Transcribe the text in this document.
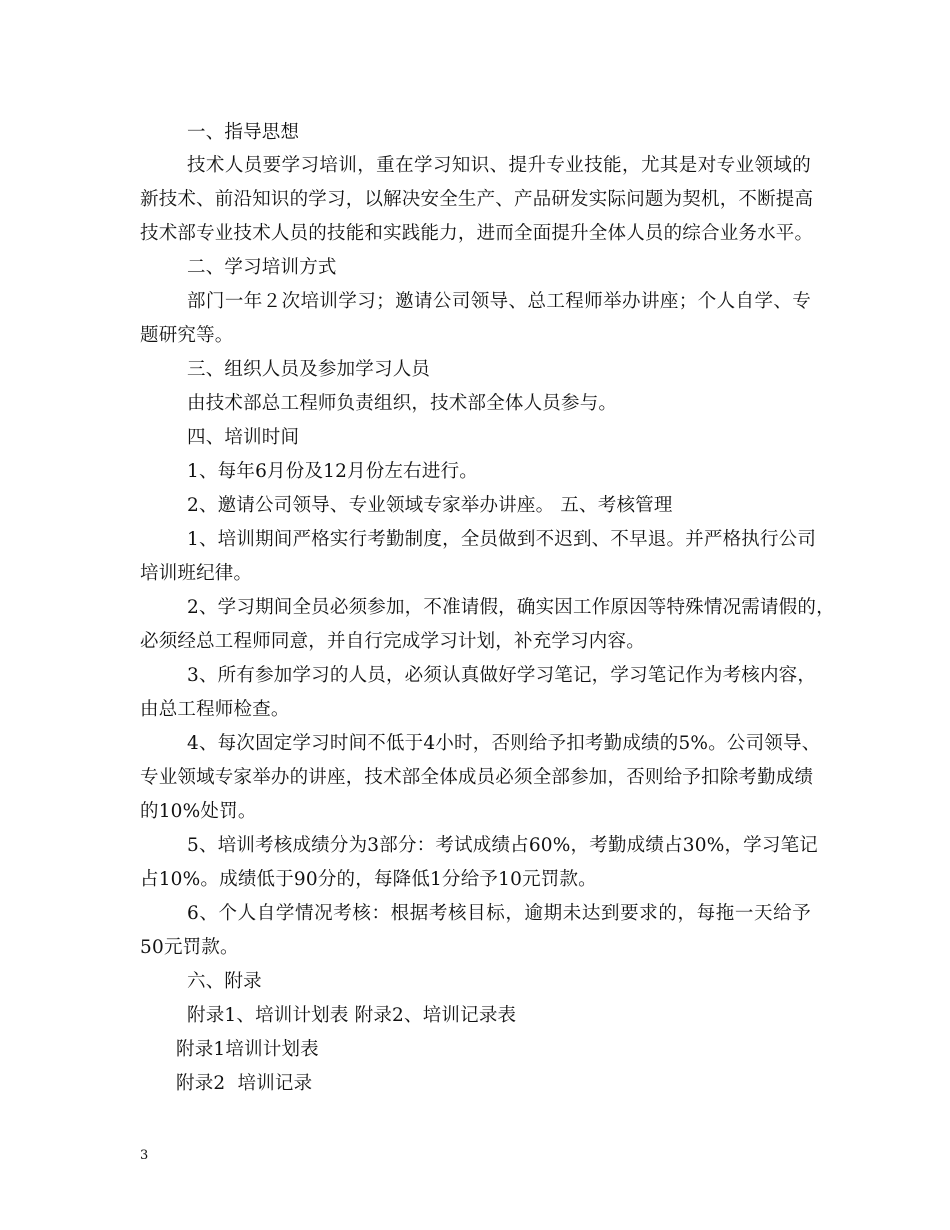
一、指导思想
技术人员要学习培训，重在学习知识、提升专业技能，尤其是对专业领域的
新技术、前沿知识的学习，以解决安全生产、产品研发实际问题为契机，不断提高
技术部专业技术人员的技能和实践能力，进而全面提升全体人员的综合业务水平。
二、学习培训方式
部门一年２次培训学习；邀请公司领导、总工程师举办讲座；个人自学、专
题研究等。
三、组织人员及参加学习人员
由技术部总工程师负责组织，技术部全体人员参与。
四、培训时间
1、每年6月份及12月份左右进行。
2、邀请公司领导、专业领域专家举办讲座。 五、考核管理
1、培训期间严格实行考勤制度，全员做到不迟到、不早退。并严格执行公司
培训班纪律。
2、学习期间全员必须参加，不准请假，确实因工作原因等特殊情况需请假的，
必须经总工程师同意，并自行完成学习计划，补充学习内容。
3、所有参加学习的人员，必须认真做好学习笔记，学习笔记作为考核内容，
由总工程师检查。
4、每次固定学习时间不低于4小时，否则给予扣考勤成绩的5%。公司领导、
专业领域专家举办的讲座，技术部全体成员必须全部参加，否则给予扣除考勤成绩
的10%处罚。
5、培训考核成绩分为3部分：考试成绩占60%，考勤成绩占30%，学习笔记
占10%。成绩低于90分的，每降低1分给予10元罚款。
6、个人自学情况考核：根据考核目标，逾期未达到要求的，每拖一天给予
50元罚款。
六、附录
附录1、培训计划表 附录2、培训记录表
附录1培训计划表
附录2  培训记录
3
